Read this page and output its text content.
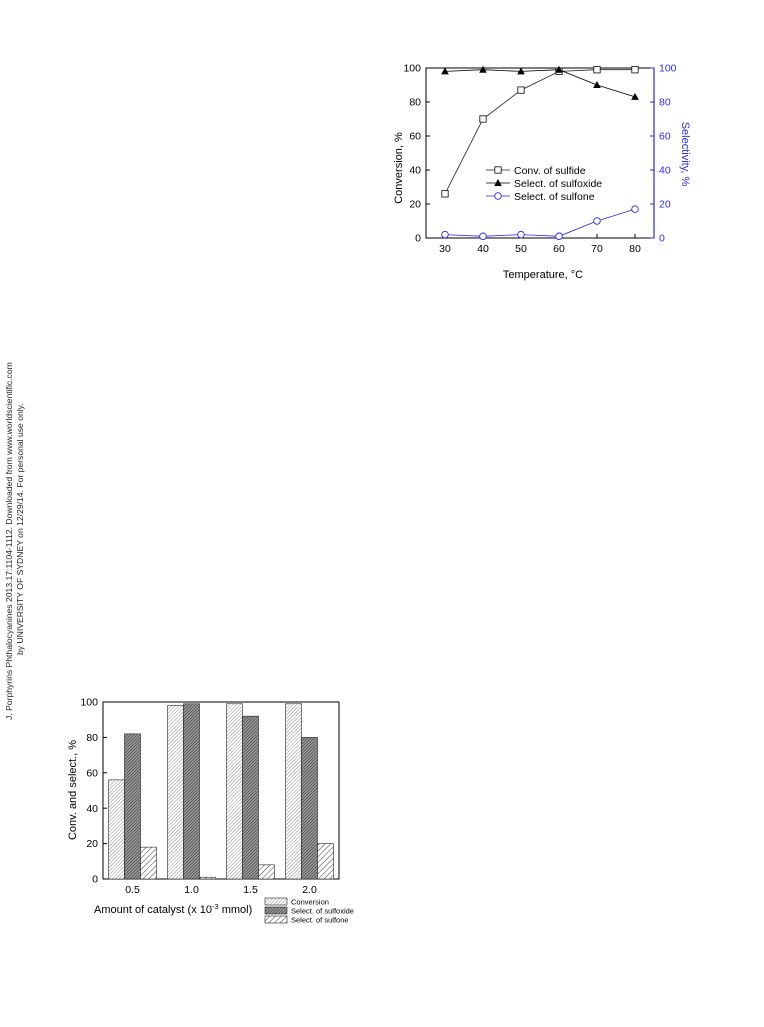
J. Porphyrins Phthalocyanines 2013.17:1104-1112. Downloaded from www.worldscientific.com by UNIVERSITY OF SYDNEY on 12/29/14. For personal use only.
30	40	50	60	70	80
0
20
40
60
80
100
0
20
40
60
80
100
Conv. of sulfide
Select. of sulfoxide
Select. of sulfone
Temperature, °C
Conversion, %	Selectivity, %
0
20
40
60
80
100
0.5	1.0	1.5	2.0
Conv. and select., %
Amount of catalyst (x $10^{-3}$ mmol)
Conversion
Select. of sulfoxide
Select. of sulfone
